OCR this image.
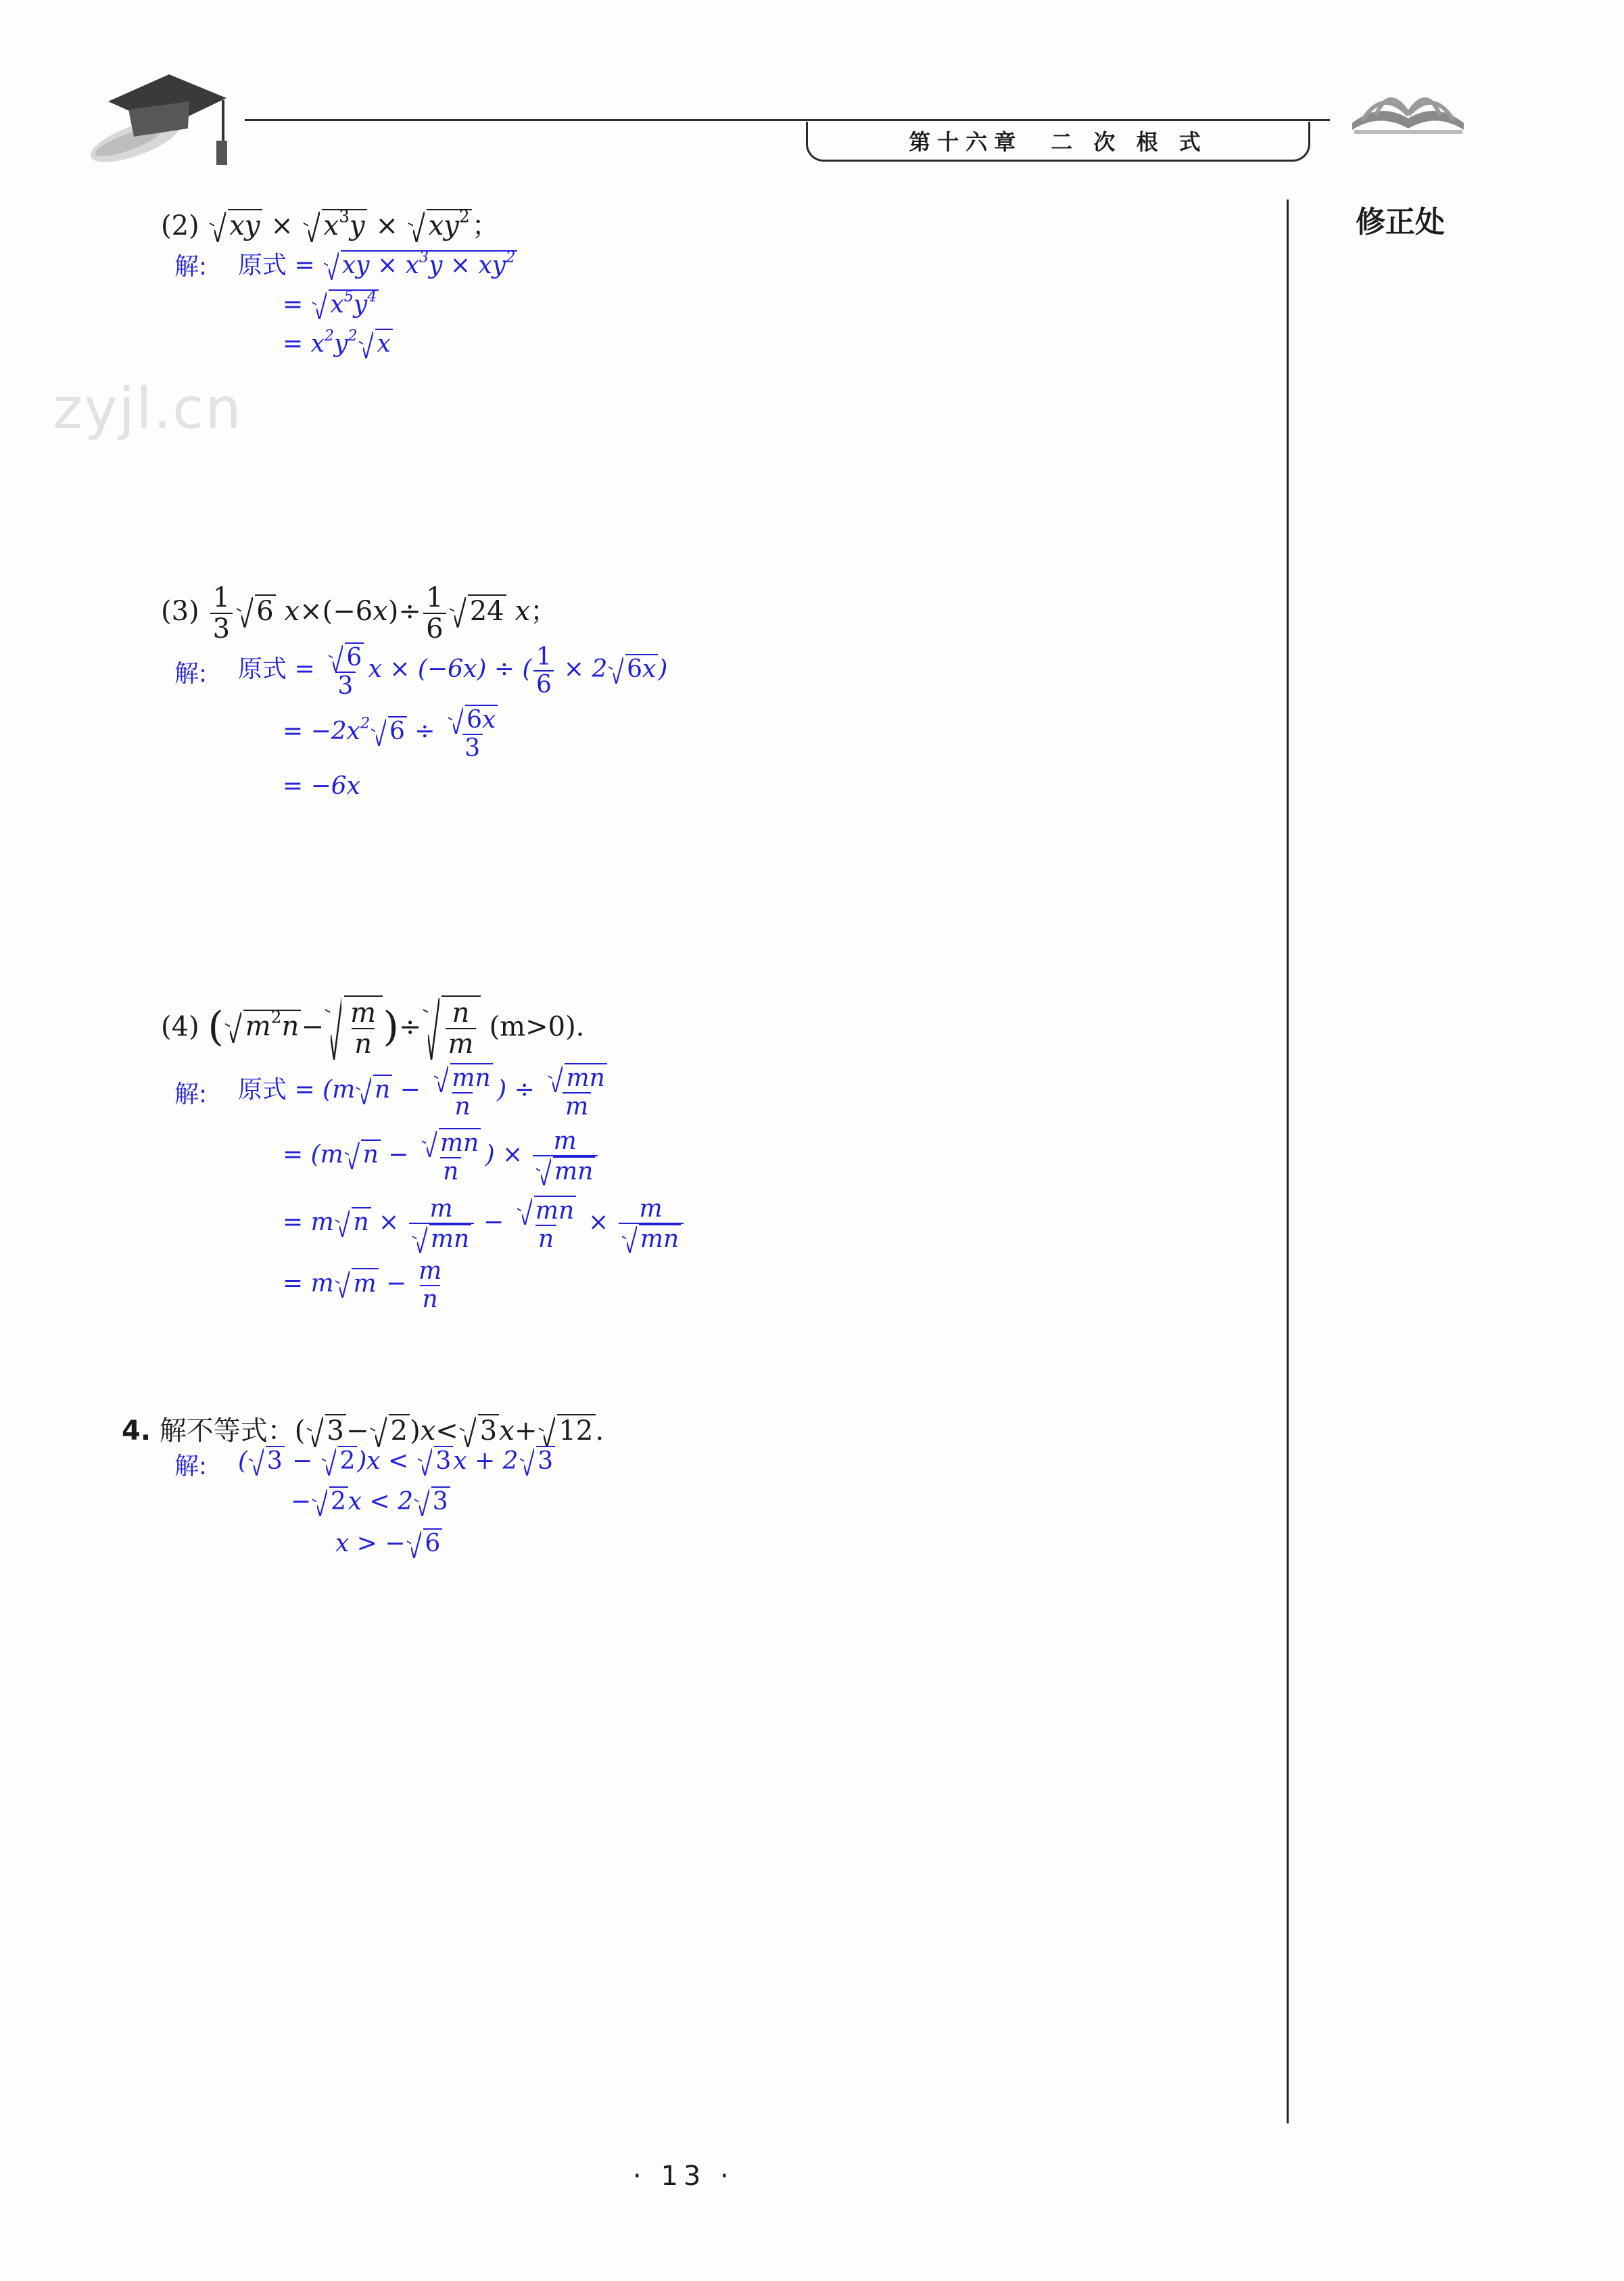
第十六章　二 次 根 式
修正处
zyjl.cn
(2) xy ×
$x^3y$ ×
$xy^2$；
解: 原式 =
xy × $x^3y \times xy^2$
=
$x^5y^4$
= $x^2y^2$ x
$(3) \frac{1}{3} 6$ $x\times(-6x)\div \frac{1}{6} 24$ x；
解: 原式 = $\frac{6}{3}$ x × (−6x) ÷ ( $\frac{1}{6} \times 2$ 6x)
= $-2x^2$ $6 \div \frac{6x}{3}$
= −6x
(4) ( $m^2n- \frac{m}{n}$ )÷ $\frac{n}{m} (m>0)$.
解: 原式 = (m $n - \frac{mn}{n}$ ) ÷ $\frac{mn}{m}$
= (m $n - \frac{mn}{n}$ ) × $\frac{m}{mn}$
= m $n \times \frac{m}{mn} - \frac{mn}{n} \times \frac{m}{mn}$
= m $m - \frac{m}{n}$
4. 解不等式：( 3− 2)x< 3x+ 12.
解: ( 3 −
2)x <
3x + 2 3
− 2x < 2 3
x > − 6
· 13 ·
